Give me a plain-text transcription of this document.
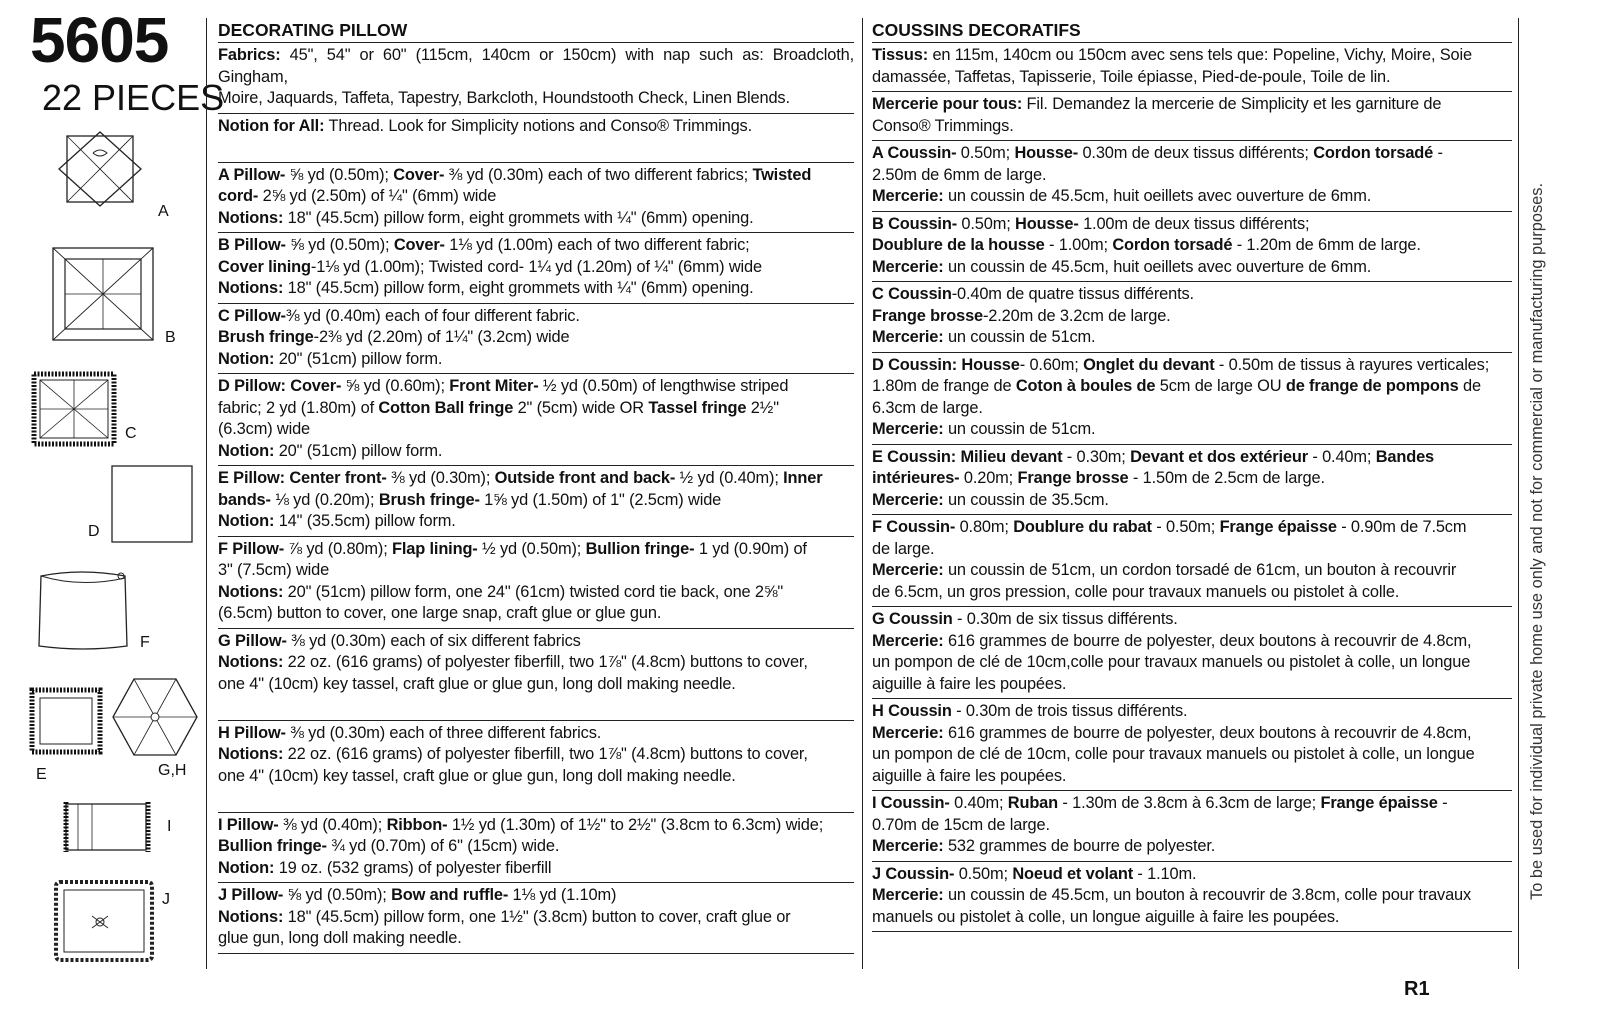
5605
22 PIECES
A
B
C
D
F
E	G,H
I
J
DECORATING PILLOW
Fabrics: 45", 54" or 60" (115cm, 140cm or 150cm) with nap such as: Broadcloth, Gingham,
Moire, Jaquards, Taffeta, Tapestry, Barkcloth, Houndstooth Check, Linen Blends.
Notion for All: Thread. Look for Simplicity notions and Conso® Trimmings.

A Pillow- ⅝ yd (0.50m); Cover- ⅜ yd (0.30m) each of two different fabrics; Twisted
cord- 2⅝ yd (2.50m) of ¼" (6mm) wide
Notions: 18" (45.5cm) pillow form, eight grommets with ¼" (6mm) opening.
B Pillow- ⅝ yd (0.50m); Cover- 1⅛ yd (1.00m) each of two different fabric;
Cover lining-1⅛ yd (1.00m); Twisted cord- 1¼ yd (1.20m) of ¼" (6mm) wide
Notions: 18" (45.5cm) pillow form, eight grommets with ¼" (6mm) opening.
C Pillow-⅜ yd (0.40m) each of four different fabric.
Brush fringe-2⅜ yd (2.20m) of 1¼" (3.2cm) wide
Notion: 20" (51cm) pillow form.
D Pillow: Cover- ⅝ yd (0.60m); Front Miter- ½ yd (0.50m) of lengthwise striped
fabric; 2 yd (1.80m) of Cotton Ball fringe 2" (5cm) wide OR Tassel fringe 2½"
(6.3cm) wide
Notion: 20" (51cm) pillow form.
E Pillow: Center front- ⅜ yd (0.30m); Outside front and back- ½ yd (0.40m); Inner
bands- ⅛ yd (0.20m); Brush fringe- 1⅝ yd (1.50m) of 1" (2.5cm) wide
Notion: 14" (35.5cm) pillow form.
F Pillow- ⅞ yd (0.80m); Flap lining- ½ yd (0.50m); Bullion fringe- 1 yd (0.90m) of
3" (7.5cm) wide
Notions: 20" (51cm) pillow form, one 24" (61cm) twisted cord tie back, one 2⅝"
(6.5cm) button to cover, one large snap, craft glue or glue gun.
G Pillow- ⅜ yd (0.30m) each of six different fabrics
Notions: 22 oz. (616 grams) of polyester fiberfill, two 1⅞" (4.8cm) buttons to cover,
one 4" (10cm) key tassel, craft glue or glue gun, long doll making needle.

H Pillow- ⅜ yd (0.30m) each of three different fabrics.
Notions: 22 oz. (616 grams) of polyester fiberfill, two 1⅞" (4.8cm) buttons to cover,
one 4" (10cm) key tassel, craft glue or glue gun, long doll making needle.

I Pillow- ⅜ yd (0.40m); Ribbon- 1½ yd (1.30m) of 1½" to 2½" (3.8cm to 6.3cm) wide;
Bullion fringe- ¾ yd (0.70m) of 6" (15cm) wide.
Notion: 19 oz. (532 grams) of polyester fiberfill
J Pillow- ⅝ yd (0.50m); Bow and ruffle- 1⅛ yd (1.10m)
Notions: 18" (45.5cm) pillow form, one 1½" (3.8cm) button to cover, craft glue or
glue gun, long doll making needle.
COUSSINS DECORATIFS
Tissus: en 115m, 140cm ou 150cm avec sens tels que: Popeline, Vichy, Moire, Soie
damassée, Taffetas, Tapisserie, Toile épiasse, Pied-de-poule, Toile de lin.
Mercerie pour tous: Fil. Demandez la mercerie de Simplicity et les garniture de
Conso® Trimmings.
A Coussin- 0.50m; Housse- 0.30m de deux tissus différents; Cordon torsadé -
2.50m de 6mm de large.
Mercerie: un coussin de 45.5cm, huit oeillets avec ouverture de 6mm.
B Coussin- 0.50m; Housse- 1.00m de deux tissus différents;
Doublure de la housse - 1.00m; Cordon torsadé - 1.20m de 6mm de large.
Mercerie: un coussin de 45.5cm, huit oeillets avec ouverture de 6mm.
C Coussin-0.40m de quatre tissus différents.
Frange brosse-2.20m de 3.2cm de large.
Mercerie: un coussin de 51cm.
D Coussin: Housse- 0.60m; Onglet du devant - 0.50m de tissus à rayures verticales;
1.80m de frange de Coton à boules de 5cm de large OU de frange de pompons de
6.3cm de large.
Mercerie: un coussin de 51cm.
E Coussin: Milieu devant - 0.30m; Devant et dos extérieur - 0.40m; Bandes
intérieures- 0.20m; Frange brosse - 1.50m de 2.5cm de large.
Mercerie: un coussin de 35.5cm.
F Coussin- 0.80m; Doublure du rabat - 0.50m; Frange épaisse - 0.90m de 7.5cm
de large.
Mercerie: un coussin de 51cm, un cordon torsadé de 61cm, un bouton à recouvrir
de 6.5cm, un gros pression, colle pour travaux manuels ou pistolet à colle.
G Coussin - 0.30m de six tissus différents.
Mercerie: 616 grammes de bourre de polyester, deux boutons à recouvrir de 4.8cm,
un pompon de clé de 10cm,colle pour travaux manuels ou pistolet à colle, un longue
aiguille à faire les poupées.
H Coussin - 0.30m de trois tissus différents.
Mercerie: 616 grammes de bourre de polyester, deux boutons à recouvrir de 4.8cm,
un pompon de clé de 10cm, colle pour travaux manuels ou pistolet à colle, un longue
aiguille à faire les poupées.
I Coussin- 0.40m; Ruban - 1.30m de 3.8cm à 6.3cm de large; Frange épaisse -
0.70m de 15cm de large.
Mercerie: 532 grammes de bourre de polyester.
J Coussin- 0.50m; Noeud et volant - 1.10m.
Mercerie: un coussin de 45.5cm, un bouton à recouvrir de 3.8cm, colle pour travaux
manuels ou pistolet à colle, un longue aiguille à faire les poupées.
To be used for individual private home use only and not for commercial or manufacturing purposes.
R1
